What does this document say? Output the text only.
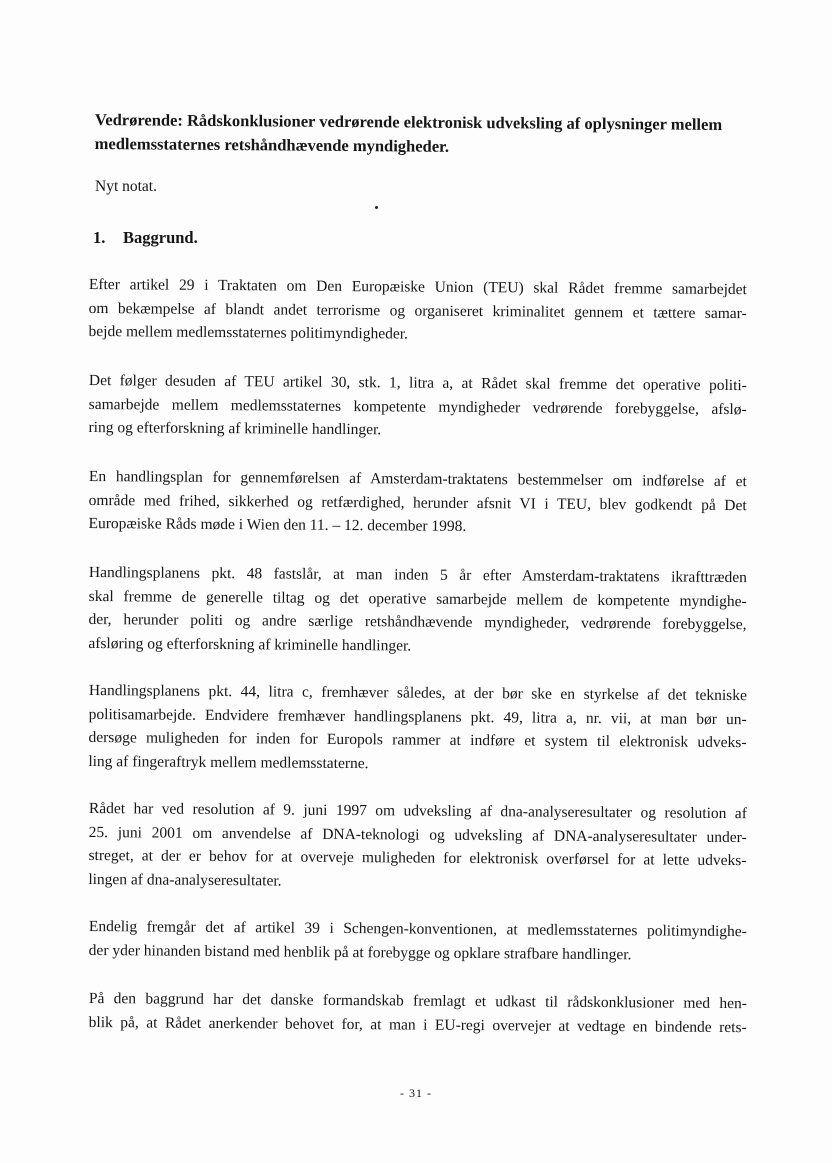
Vedrørende: Rådskonklusioner vedrørende elektronisk udveksling af oplysninger mellem
medlemsstaternes retshåndhævende myndigheder.
Nyt notat.
1. Baggrund.
Efter artikel 29 i Traktaten om Den Europæiske Union (TEU) skal Rådet fremme samarbejdet
om bekæmpelse af blandt andet terrorisme og organiseret kriminalitet gennem et tættere samar-
bejde mellem medlemsstaternes politimyndigheder.
Det følger desuden af TEU artikel 30, stk. 1, litra a, at Rådet skal fremme det operative politi-
samarbejde mellem medlemsstaternes kompetente myndigheder vedrørende forebyggelse, afslø-
ring og efterforskning af kriminelle handlinger.
En handlingsplan for gennemførelsen af Amsterdam-traktatens bestemmelser om indførelse af et
område med frihed, sikkerhed og retfærdighed, herunder afsnit VI i TEU, blev godkendt på Det
Europæiske Råds møde i Wien den 11. – 12. december 1998.
Handlingsplanens pkt. 48 fastslår, at man inden 5 år efter Amsterdam-traktatens ikrafttræden
skal fremme de generelle tiltag og det operative samarbejde mellem de kompetente myndighe-
der, herunder politi og andre særlige retshåndhævende myndigheder, vedrørende forebyggelse,
afsløring og efterforskning af kriminelle handlinger.
Handlingsplanens pkt. 44, litra c, fremhæver således, at der bør ske en styrkelse af det tekniske
politisamarbejde. Endvidere fremhæver handlingsplanens pkt. 49, litra a, nr. vii, at man bør un-
dersøge muligheden for inden for Europols rammer at indføre et system til elektronisk udveks-
ling af fingeraftryk mellem medlemsstaterne.
Rådet har ved resolution af 9. juni 1997 om udveksling af dna-analyseresultater og resolution af
25. juni 2001 om anvendelse af DNA-teknologi og udveksling af DNA-analyseresultater under-
streget, at der er behov for at overveje muligheden for elektronisk overførsel for at lette udveks-
lingen af dna-analyseresultater.
Endelig fremgår det af artikel 39 i Schengen-konventionen, at medlemsstaternes politimyndighe-
der yder hinanden bistand med henblik på at forebygge og opklare strafbare handlinger.
På den baggrund har det danske formandskab fremlagt et udkast til rådskonklusioner med hen-
blik på, at Rådet anerkender behovet for, at man i EU-regi overvejer at vedtage en bindende rets-
- 31 -
